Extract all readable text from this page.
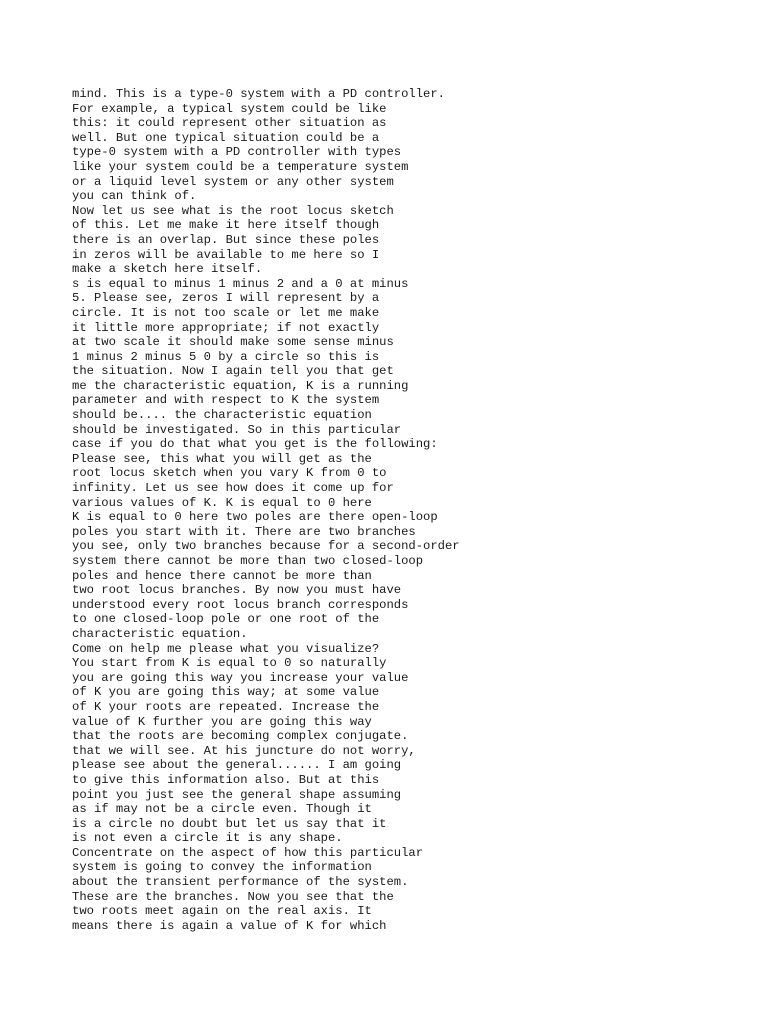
mind. This is a type-0 system with a PD controller.
For example, a typical system could be like
this: it could represent other situation as
well. But one typical situation could be a
type-0 system with a PD controller with types
like your system could be a temperature system
or a liquid level system or any other system
you can think of.
Now let us see what is the root locus sketch
of this. Let me make it here itself though
there is an overlap. But since these poles
in zeros will be available to me here so I
make a sketch here itself.
s is equal to minus 1 minus 2 and a 0 at minus
5. Please see, zeros I will represent by a
circle. It is not too scale or let me make
it little more appropriate; if not exactly
at two scale it should make some sense minus
1 minus 2 minus 5 0 by a circle so this is
the situation. Now I again tell you that get
me the characteristic equation, K is a running
parameter and with respect to K the system
should be.... the characteristic equation
should be investigated. So in this particular
case if you do that what you get is the following:
Please see, this what you will get as the
root locus sketch when you vary K from 0 to
infinity. Let us see how does it come up for
various values of K. K is equal to 0 here
K is equal to 0 here two poles are there open-loop
poles you start with it. There are two branches
you see, only two branches because for a second-order
system there cannot be more than two closed-loop
poles and hence there cannot be more than
two root locus branches. By now you must have
understood every root locus branch corresponds
to one closed-loop pole or one root of the
characteristic equation.
Come on help me please what you visualize?
You start from K is equal to 0 so naturally
you are going this way you increase your value
of K you are going this way; at some value
of K your roots are repeated. Increase the
value of K further you are going this way
that the roots are becoming complex conjugate.
that we will see. At his juncture do not worry,
please see about the general...... I am going
to give this information also. But at this
point you just see the general shape assuming
as if may not be a circle even. Though it
is a circle no doubt but let us say that it
is not even a circle it is any shape.
Concentrate on the aspect of how this particular
system is going to convey the information
about the transient performance of the system.
These are the branches. Now you see that the
two roots meet again on the real axis. It
means there is again a value of K for which
